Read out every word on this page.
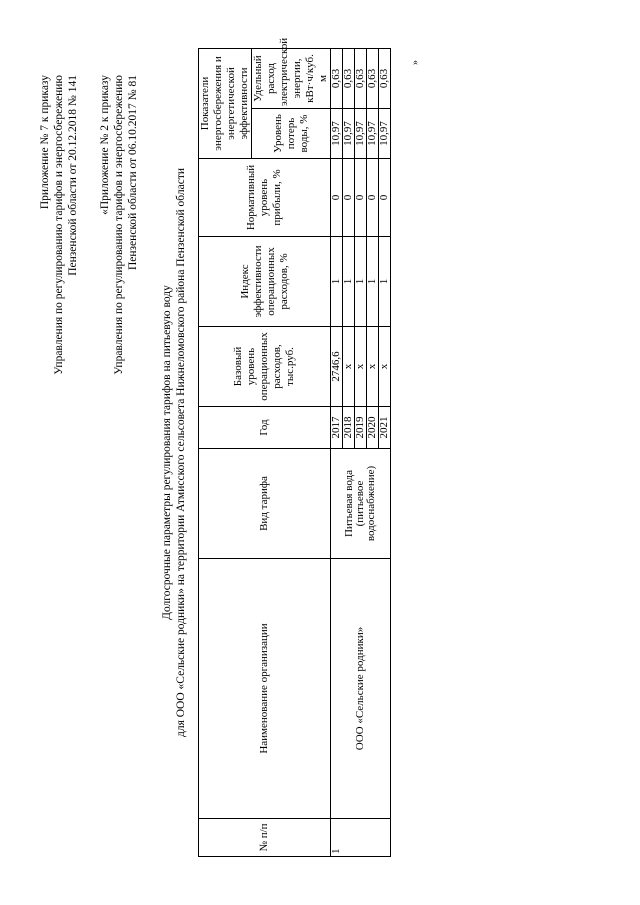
Приложение № 7 к приказу Управления по регулированию тарифов и энергосбережению Пензенской области от 20.12.2018 № 141 «Приложение № 2 к приказу Управления по регулированию тарифов и энергосбережению Пензенской области от 06.10.2017 № 81
Долгосрочные параметры регулирования тарифов на питьевую воду для ООО «Сельские родники» на территории Атмисского сельсовета Нижнеломовского района Пензенской области
»
№ п/п	Наименование организации	Вид тарифа	Год	Базовый уровень операционных расходов, тыс.руб.	Индекс эффективности операционных расходов, %	Нормативный уровень прибыли, %	Показатели энергосбережения и энергетической эффективности	
							Уровень потерь воды, %	Удельный расход электрической энергии, кВт·ч/куб. м
1	ООО «Сельские родники»	Питьевая вода (питьевое водоснабжение)	2017	2746,6	1	0	10,97	0,63
			2018	х	1	0	10,97	0,63
			2019	х	1	0	10,97	0,63
			2020	х	1	0	10,97	0,63
			2021	х	1	0	10,97	0,63
